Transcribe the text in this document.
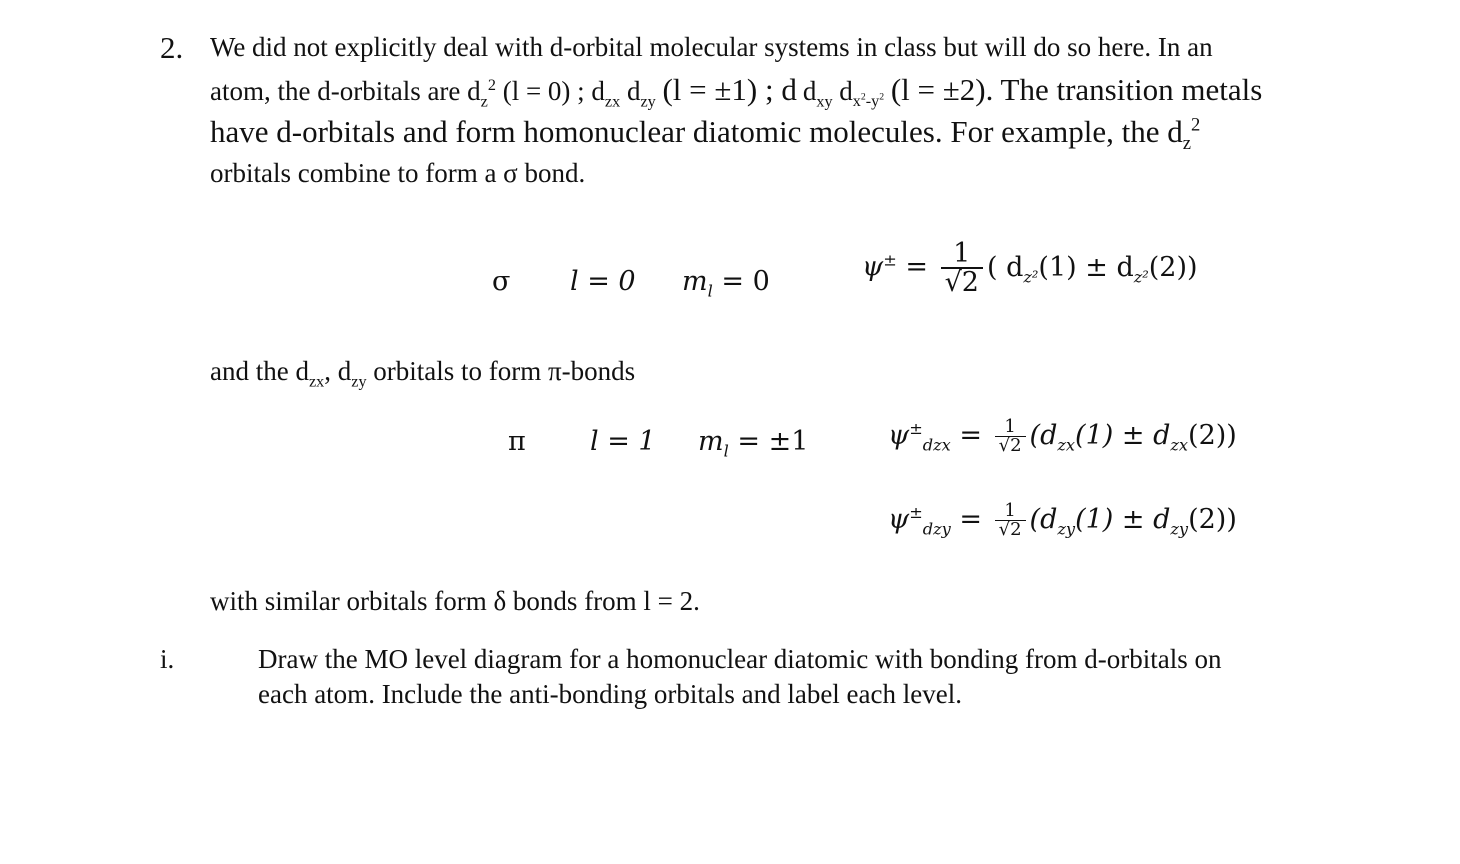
2. We did not explicitly deal with d-orbital molecular systems in class but will do so here. In an
atom, the d-orbitals are $d_z^2$ (l = 0) ; $d_{zx}$ $d_{zy}$ (l = ±1) ; d
have d-orbitals and form homonuclear diatomic molecules. For example, the $d_z^2$
orbitals combine to form a σ bond.
σ l = 0 $m_l = 0$	$\psi^\pm = \frac{1}{√2}$ ( $d_{z^2}(1) \pm d_{z^2}(2)$)
and the $d_{zx}$, $d_{zy}$ orbitals to form π-bonds
π l = 1 $m_l = \pm 1$	$\psi^\pm_{dzx} = \frac{1}{√2} (d_{zx}(1) \pm d_{zx}(2))$
$\psi^\pm_{dzy} = \frac{1}{√2} (d_{zy}(1) \pm d_{zy}(2))$
with similar orbitals form δ bonds from l = 2.
i.	Draw the MO level diagram for a homonuclear diatomic with bonding from d-orbitals on
each atom. Include the anti-bonding orbitals and label each level.
$d_{xy}$ $d_{x^2-y^2}$ (l = ±2). The transition metals
